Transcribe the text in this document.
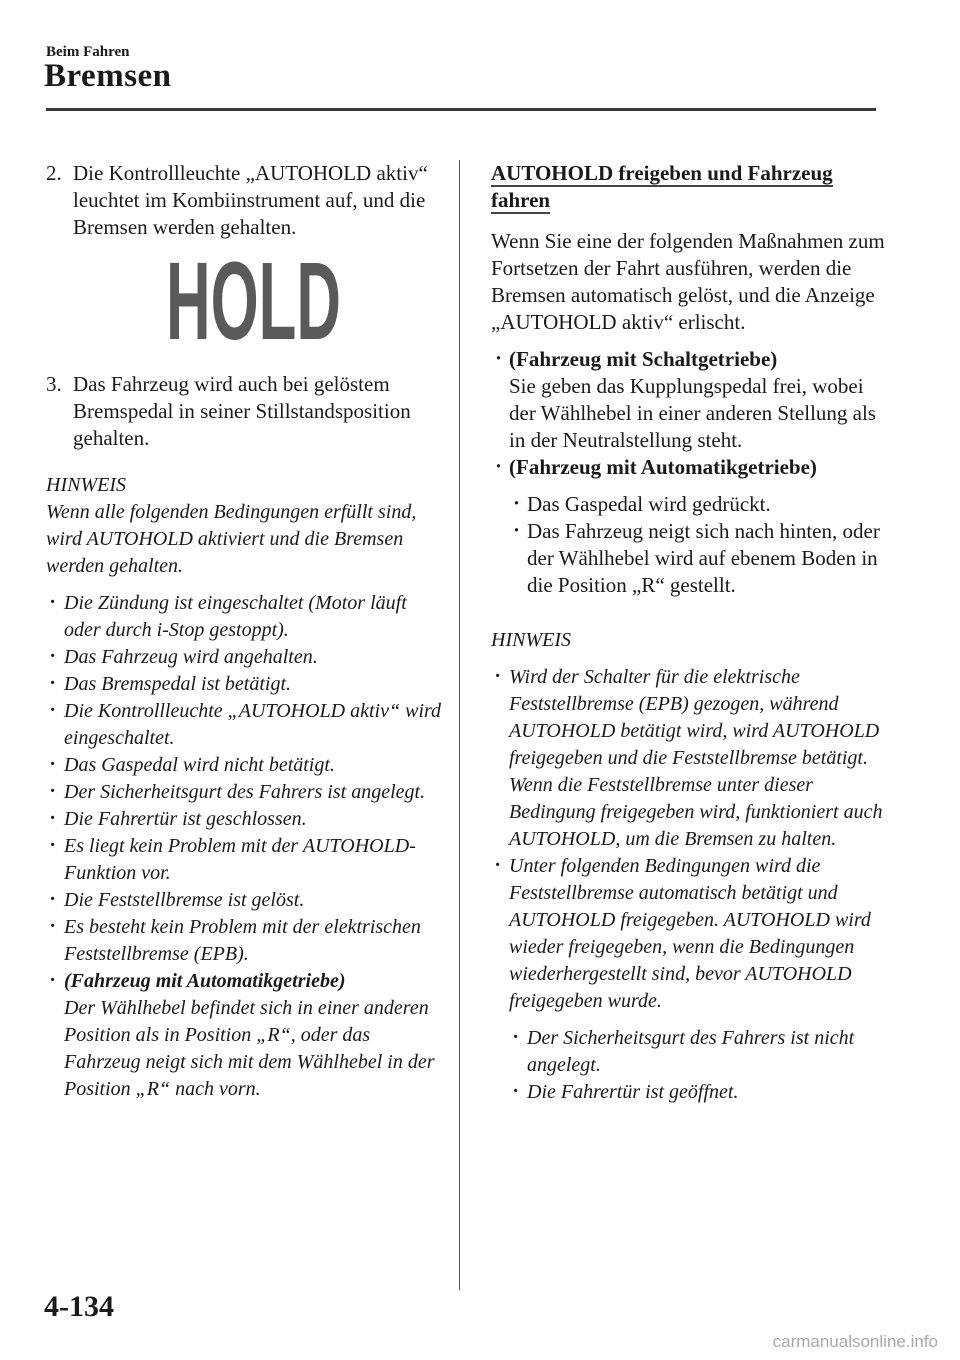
Beim Fahren
Bremsen

2. Die Kontrollleuchte „AUTOHOLD aktiv“ leuchtet im Kombiinstrument auf, und die Bremsen werden gehalten.

HOLD

3. Das Fahrzeug wird auch bei gelöstem Bremspedal in seiner Stillstandsposition gehalten.

HINWEIS
Wenn alle folgenden Bedingungen erfüllt sind, wird AUTOHOLD aktiviert und die Bremsen werden gehalten.
· Die Zündung ist eingeschaltet (Motor läuft oder durch i-Stop gestoppt).
· Das Fahrzeug wird angehalten.
· Das Bremspedal ist betätigt.
· Die Kontrollleuchte „AUTOHOLD aktiv“ wird eingeschaltet.
· Das Gaspedal wird nicht betätigt.
· Der Sicherheitsgurt des Fahrers ist angelegt.
· Die Fahrertür ist geschlossen.
· Es liegt kein Problem mit der AUTOHOLD-Funktion vor.
· Die Feststellbremse ist gelöst.
· Es besteht kein Problem mit der elektrischen Feststellbremse (EPB).
· (Fahrzeug mit Automatikgetriebe)
Der Wählhebel befindet sich in einer anderen Position als in Position „R“, oder das Fahrzeug neigt sich mit dem Wählhebel in der Position „R“ nach vorn.
AUTOHOLD freigeben und Fahrzeug fahren
Wenn Sie eine der folgenden Maßnahmen zum Fortsetzen der Fahrt ausführen, werden die Bremsen automatisch gelöst, und die Anzeige „AUTOHOLD aktiv“ erlischt.
· (Fahrzeug mit Schaltgetriebe)
Sie geben das Kupplungspedal frei, wobei der Wählhebel in einer anderen Stellung als in der Neutralstellung steht.
· (Fahrzeug mit Automatikgetriebe)
· Das Gaspedal wird gedrückt.
· Das Fahrzeug neigt sich nach hinten, oder der Wählhebel wird auf ebenem Boden in die Position „R“ gestellt.
HINWEIS
· Wird der Schalter für die elektrische Feststellbremse (EPB) gezogen, während AUTOHOLD betätigt wird, wird AUTOHOLD freigegeben und die Feststellbremse betätigt. Wenn die Feststellbremse unter dieser Bedingung freigegeben wird, funktioniert auch AUTOHOLD, um die Bremsen zu halten.
· Unter folgenden Bedingungen wird die Feststellbremse automatisch betätigt und AUTOHOLD freigegeben. AUTOHOLD wird wieder freigegeben, wenn die Bedingungen wiederhergestellt sind, bevor AUTOHOLD freigegeben wurde.
· Der Sicherheitsgurt des Fahrers ist nicht angelegt.
· Die Fahrertür ist geöffnet.
4-134
carmanualsonline.info
